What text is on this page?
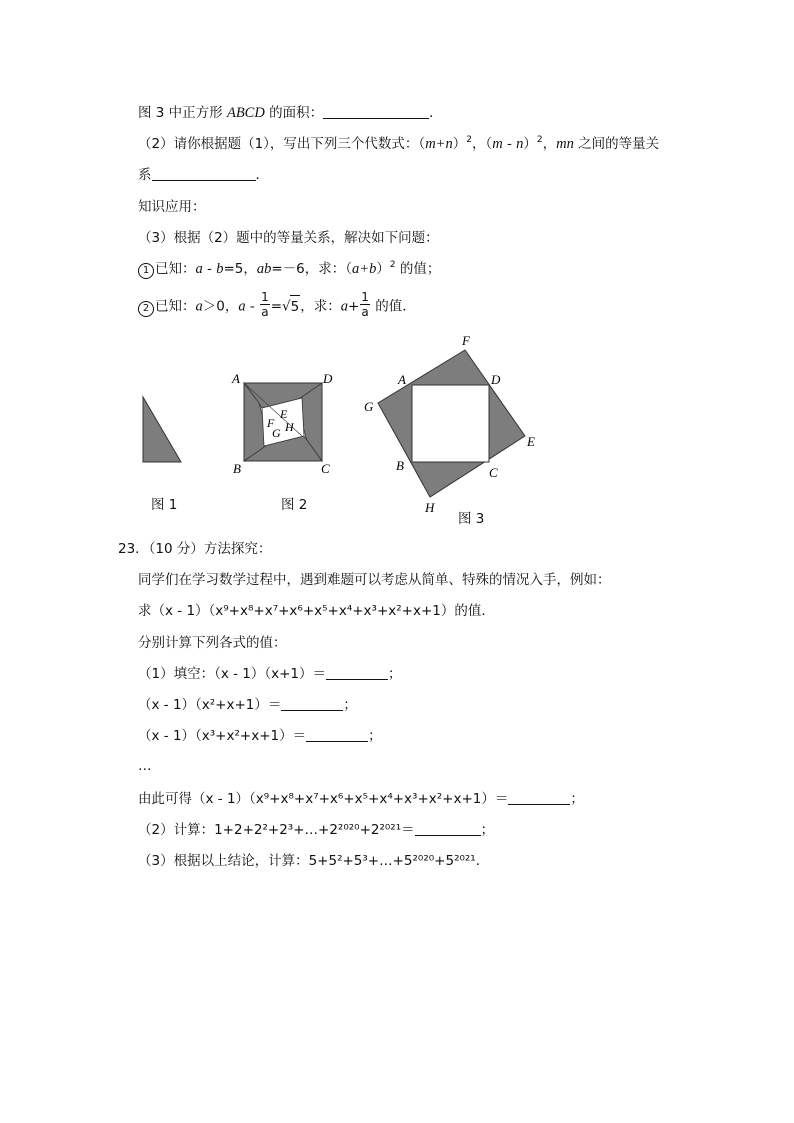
图 3 中正方形 ABCD 的面积：	．
（2）请你根据题（1），写出下列三个代数式：$(m+n)^2$，（m - n）$^2$，mn 之间的等量关
系	．
知识应用：
（3）根据（2）题中的等量关系，解决如下问题：
1 已知：a - b=5，ab=－6，求：$(a+b)^2$ 的值；
2 已知：a＞0，$a - \frac{1}{a} =√5$，求：$a+ \frac{1}{a}$ 的值．
A	D
B	C
E
F
G H
F
A	D
G
E
B	C
H
图 1	图 2
图 3
23．（10 分）方法探究：
同学们在学习数学过程中，遇到难题可以考虑从简单、特殊的情况入手，例如：
求（x - 1）（x⁹+x⁸+x⁷+x⁶+x⁵+x⁴+x³+x²+x+1）的值．
分别计算下列各式的值：
（1）填空：（x - 1）（x+1）＝	；
（x - 1）（x²+x+1）＝	；
（x - 1）（x³+x²+x+1）＝	；
…
由此可得（x - 1）（x⁹+x⁸+x⁷+x⁶+x⁵+x⁴+x³+x²+x+1）＝	；
（2）计算：1+2+2²+2³+…+2²⁰²⁰+2²⁰²¹＝	；
（3）根据以上结论，计算：5+5²+5³+…+5²⁰²⁰+5²⁰²¹．
